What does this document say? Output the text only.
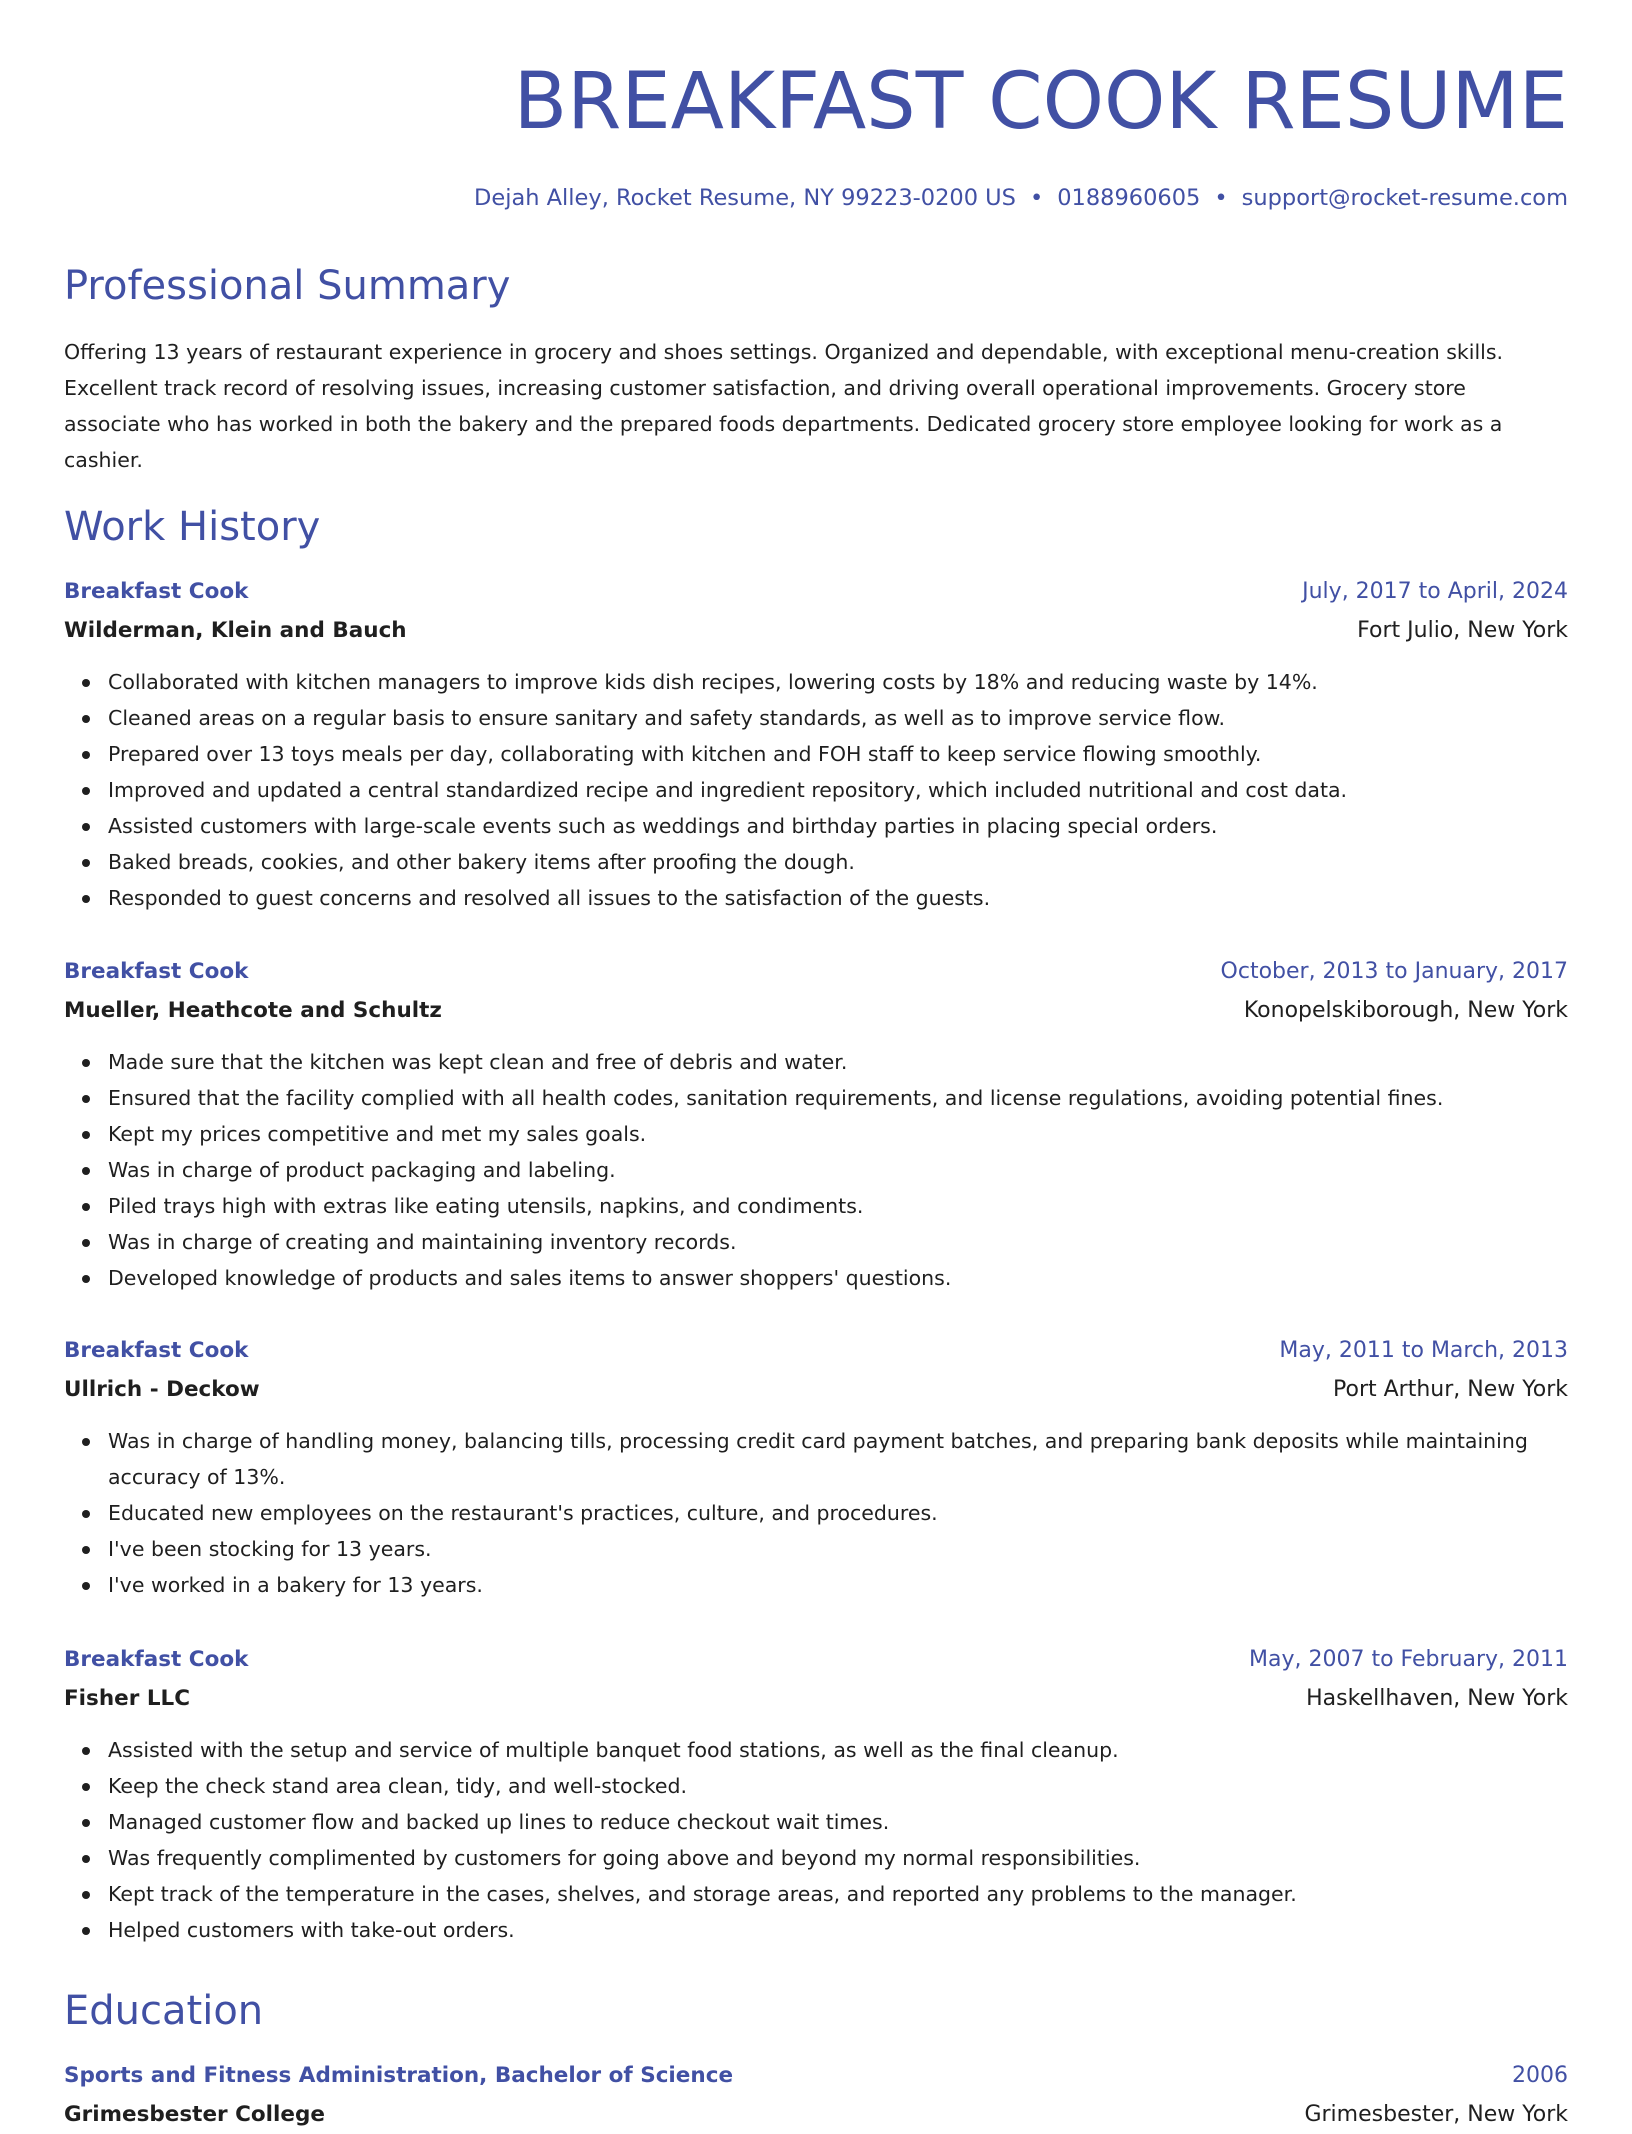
BREAKFAST COOK RESUME
Dejah Alley, Rocket Resume, NY 99223-0200 US • 0188960605 • support@rocket-resume.com
Professional Summary

Offering 13 years of restaurant experience in grocery and shoes settings. Organized and dependable, with exceptional menu-creation skills. Excellent track record of resolving issues, increasing customer satisfaction, and driving overall operational improvements. Grocery store associate who has worked in both the bakery and the prepared foods departments. Dedicated grocery store employee looking for work as a cashier.

Work History
Breakfast Cook	July, 2017 to April, 2024
Wilderman, Klein and Bauch	Fort Julio, New York
Collaborated with kitchen managers to improve kids dish recipes, lowering costs by 18% and reducing waste by 14%.
Cleaned areas on a regular basis to ensure sanitary and safety standards, as well as to improve service flow.
Prepared over 13 toys meals per day, collaborating with kitchen and FOH staff to keep service flowing smoothly.
Improved and updated a central standardized recipe and ingredient repository, which included nutritional and cost data.
Assisted customers with large-scale events such as weddings and birthday parties in placing special orders.
Baked breads, cookies, and other bakery items after proofing the dough.
Responded to guest concerns and resolved all issues to the satisfaction of the guests.
Breakfast Cook	October, 2013 to January, 2017
Mueller, Heathcote and Schultz	Konopelskiborough, New York
Made sure that the kitchen was kept clean and free of debris and water.
Ensured that the facility complied with all health codes, sanitation requirements, and license regulations, avoiding potential fines.
Kept my prices competitive and met my sales goals.
Was in charge of product packaging and labeling.
Piled trays high with extras like eating utensils, napkins, and condiments.
Was in charge of creating and maintaining inventory records.
Developed knowledge of products and sales items to answer shoppers' questions.
Breakfast Cook	May, 2011 to March, 2013
Ullrich - Deckow	Port Arthur, New York
Was in charge of handling money, balancing tills, processing credit card payment batches, and preparing bank deposits while maintaining accuracy of 13%.
Educated new employees on the restaurant's practices, culture, and procedures.
I've been stocking for 13 years.
I've worked in a bakery for 13 years.
Breakfast Cook	May, 2007 to February, 2011
Fisher LLC	Haskellhaven, New York
Assisted with the setup and service of multiple banquet food stations, as well as the final cleanup.
Keep the check stand area clean, tidy, and well-stocked.
Managed customer flow and backed up lines to reduce checkout wait times.
Was frequently complimented by customers for going above and beyond my normal responsibilities.
Kept track of the temperature in the cases, shelves, and storage areas, and reported any problems to the manager.
Helped customers with take-out orders.
Education
Sports and Fitness Administration, Bachelor of Science	2006
Grimesbester College	Grimesbester, New York
